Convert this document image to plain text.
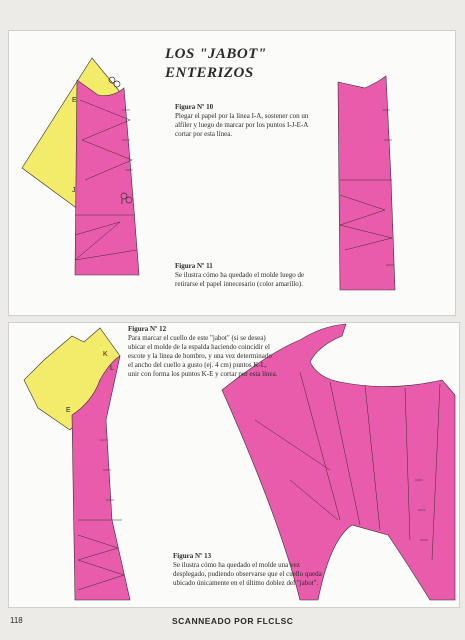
E
J
I
K
L
E
LOS "JABOT"
ENTERIZOS
Figura Nº 10
Plegar el papel por la línea I-A, sostener con un alfiler y luego de marcar por los puntos I-J-E-A cortar por esta línea.
Figura Nº 11
Se ilustra cómo ha quedado el molde luego de retirarse el papel innecesario (color amarillo).
Figura Nº 12
Para marcar el cuello de este "jabot" (si se desea) ubicar el molde de la espalda haciendo coincidir el escote y la línea de hombro, y una vez determinado el ancho del cuello a gusto (ej. 4 cm) puntos K-L, unir con forma los puntos K-E y cortar por esta línea.
Figura Nº 13
Se ilustra cómo ha quedado el molde una vez desplegado, pudiendo observarse que el cuello queda ubicado únicamente en el último doblez del "jabot".
118	SCANNEADO POR FLCLSC
